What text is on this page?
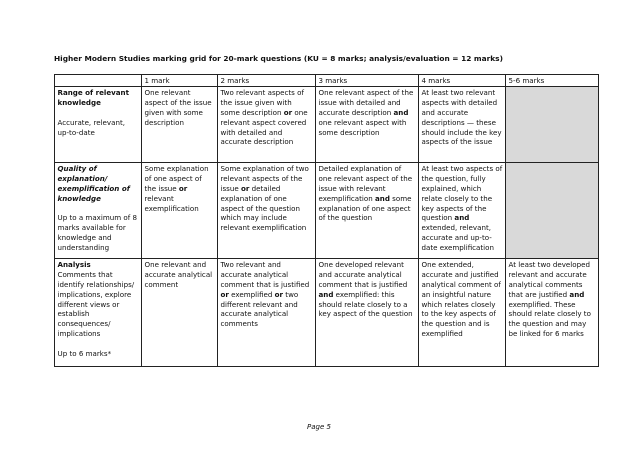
Higher Modern Studies marking grid for 20-mark questions (KU = 8 marks; analysis/evaluation = 12 marks)
	1 mark	2 marks	3 marks	4 marks	5-6 marks
Range of relevant knowledge
Accurate, relevant, up-to-date	One relevant aspect of the issue given with some description	Two relevant aspects of the issue given with some description or one relevant aspect covered with detailed and accurate description	One relevant aspect of the issue with detailed and accurate description and one relevant aspect with some description	At least two relevant aspects with detailed and accurate descriptions — these should include the key aspects of the issue	
Quality of explanation/ exemplification of knowledge
Up to a maximum of 8 marks available for knowledge and understanding	Some explanation of one aspect of the issue or relevant exemplification	Some explanation of two relevant aspects of the issue or detailed explanation of one aspect of the question which may include relevant exemplification	Detailed explanation of one relevant aspect of the issue with relevant exemplification and some explanation of one aspect of the question	At least two aspects of the question, fully explained, which relate closely to the key aspects of the question and extended, relevant, accurate and up-to-date exemplification	
Analysis
Comments that identify relationships/ implications, explore different views or establish consequences/ implications
Up to 6 marks*	One relevant and accurate analytical comment	Two relevant and accurate analytical comment that is justified or exemplified or two different relevant and accurate analytical comments	One developed relevant and accurate analytical comment that is justified and exemplified: this should relate closely to a key aspect of the question	One extended, accurate and justified analytical comment of an insightful nature which relates closely to the key aspects of the question and is exemplified	At least two developed relevant and accurate analytical comments that are justified and exemplified. These should relate closely to the question and may be linked for 6 marks
Page 5
